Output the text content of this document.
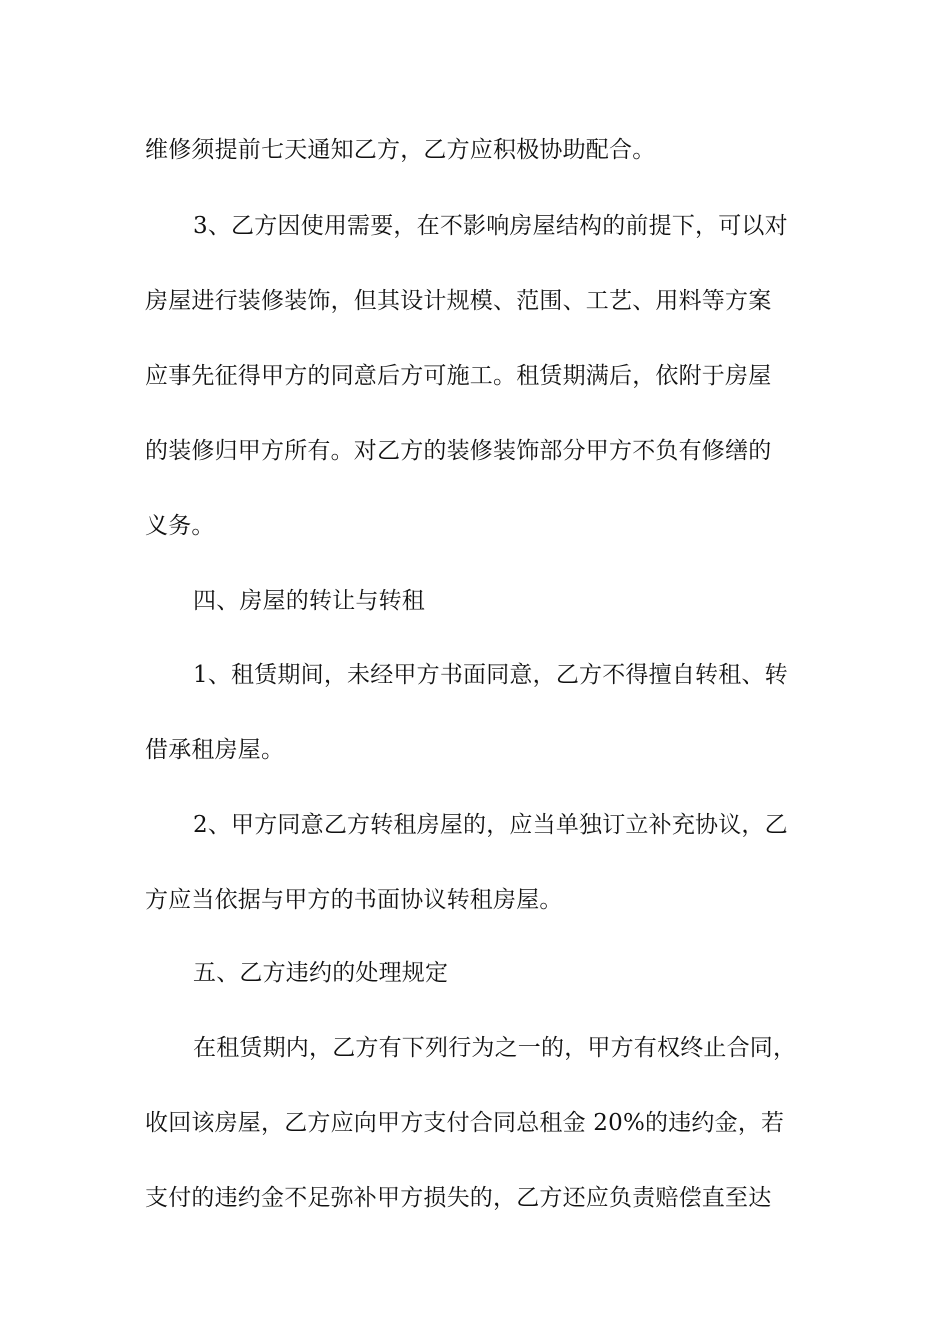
维修须提前七天通知乙方，乙方应积极协助配合。
3、乙方因使用需要，在不影响房屋结构的前提下，可以对
房屋进行装修装饰，但其设计规模、范围、工艺、用料等方案
应事先征得甲方的同意后方可施工。租赁期满后，依附于房屋
的装修归甲方所有。对乙方的装修装饰部分甲方不负有修缮的
义务。
四、房屋的转让与转租
1、租赁期间，未经甲方书面同意，乙方不得擅自转租、转
借承租房屋。
2、甲方同意乙方转租房屋的，应当单独订立补充协议，乙
方应当依据与甲方的书面协议转租房屋。
五、乙方违约的处理规定
在租赁期内，乙方有下列行为之一的，甲方有权终止合同，
收回该房屋，乙方应向甲方支付合同总租金 20%的违约金，若
支付的违约金不足弥补甲方损失的，乙方还应负责赔偿直至达
